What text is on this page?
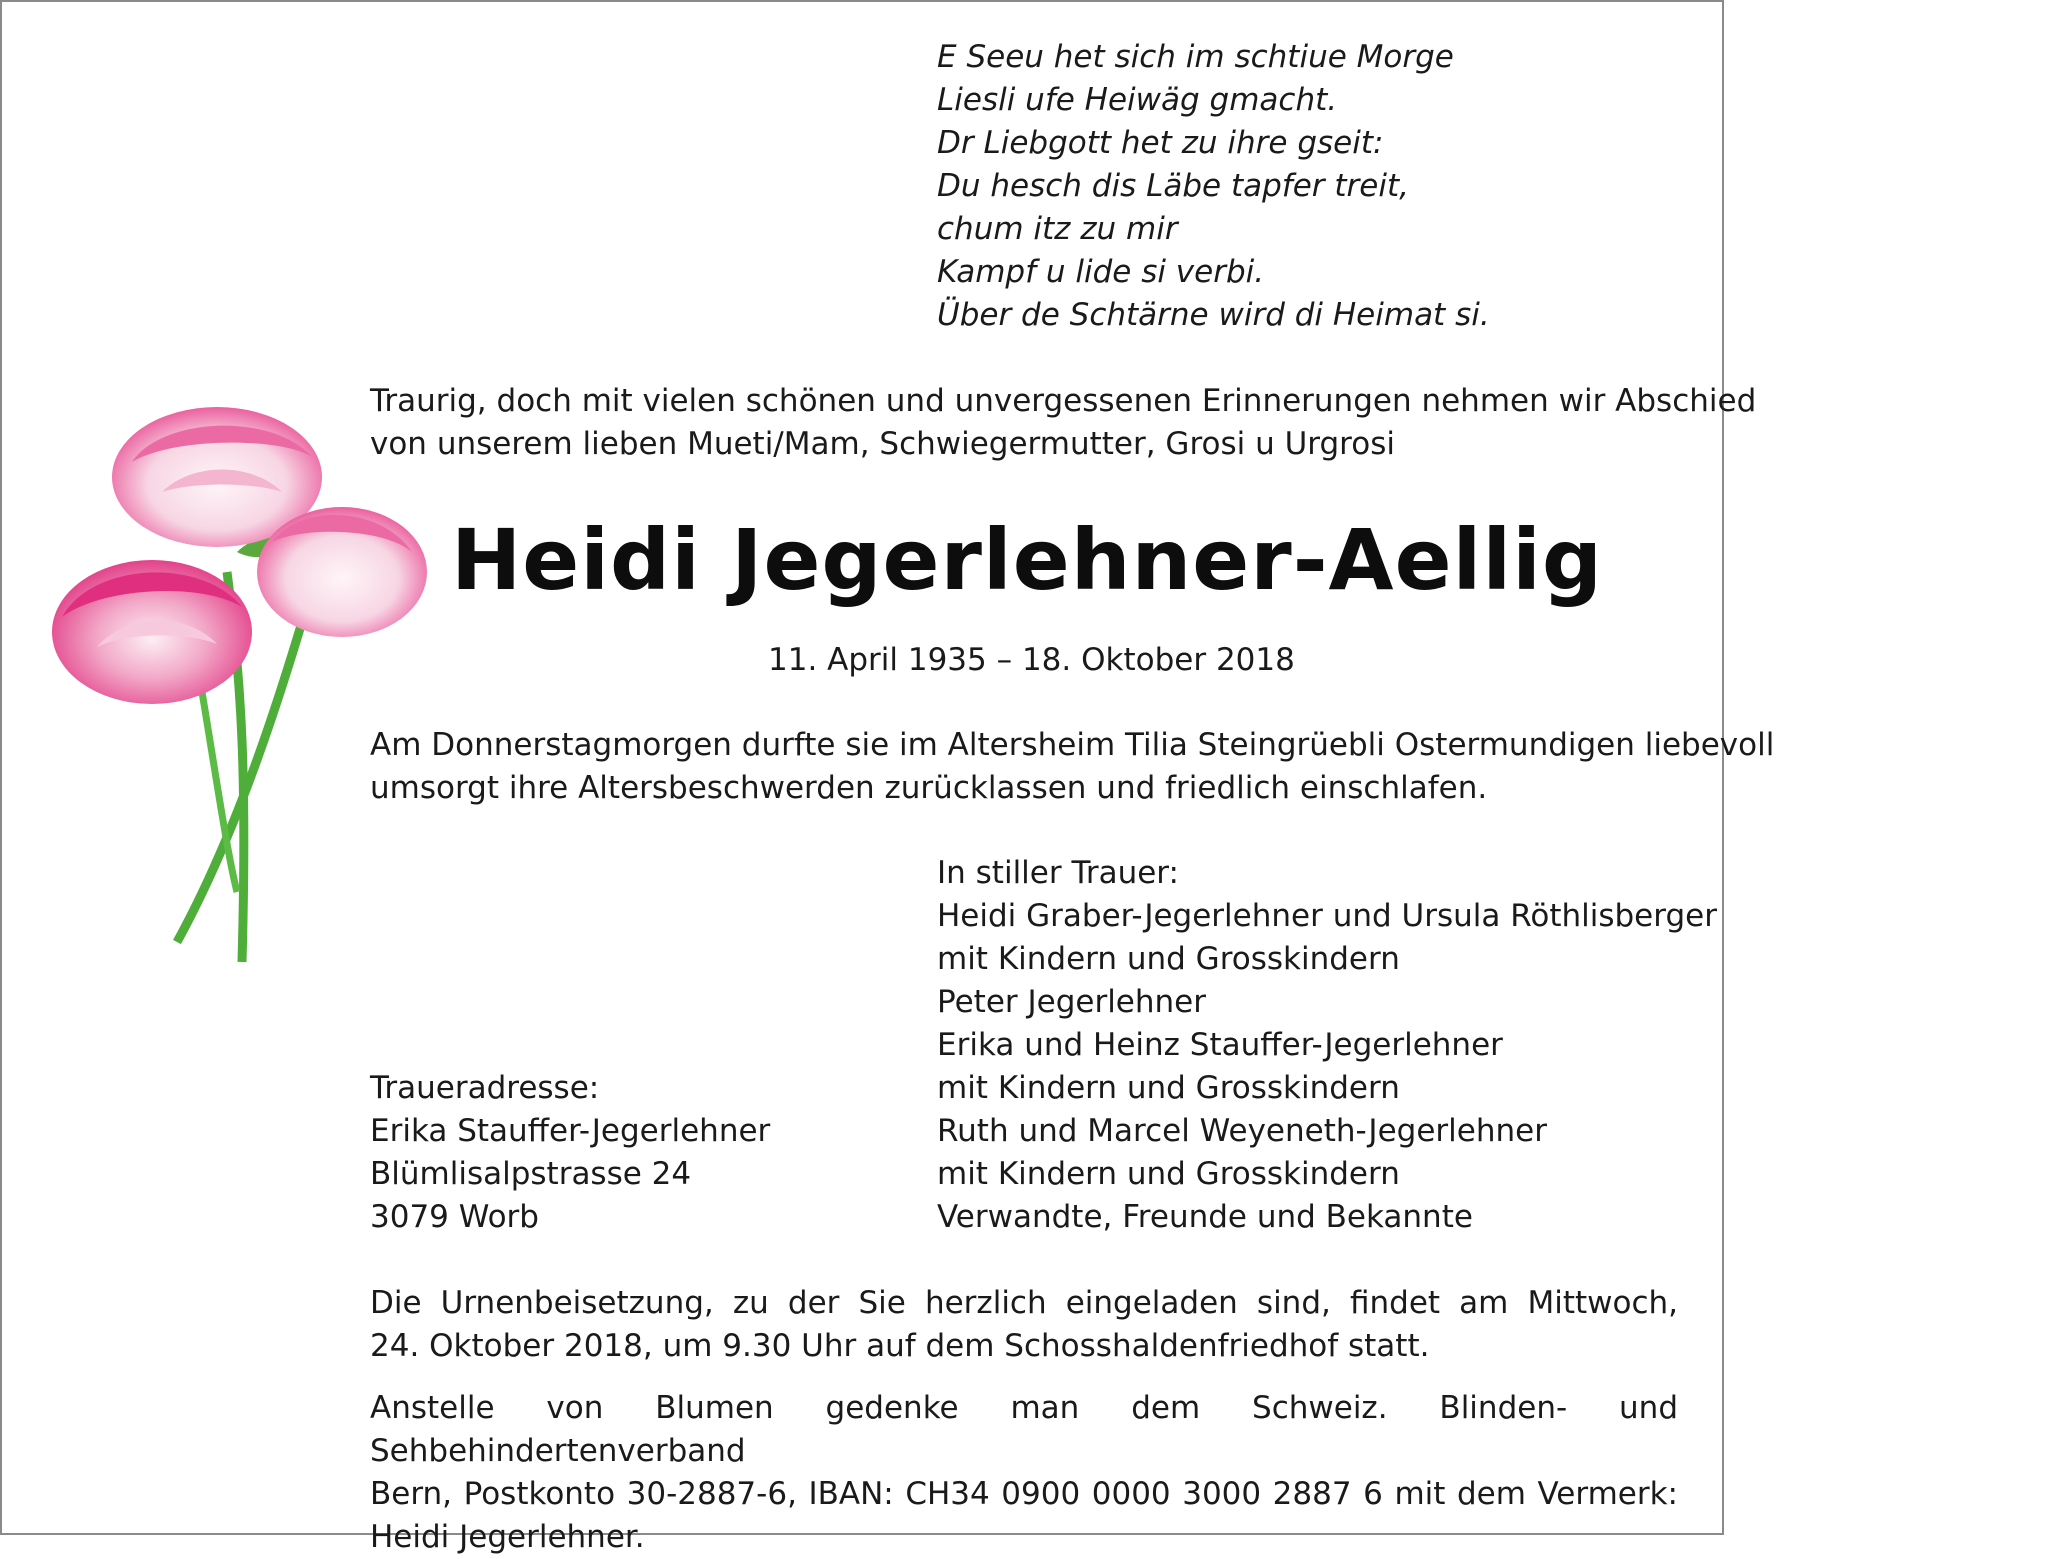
E Seeu het sich im schtiue Morge
Liesli ufe Heiwäg gmacht.
Dr Liebgott het zu ihre gseit:
Du hesch dis Läbe tapfer treit,
chum itz zu mir
Kampf u lide si verbi.
Über de Schtärne wird di Heimat si.
Traurig, doch mit vielen schönen und unvergessenen Erinnerungen nehmen wir Abschied
von unserem lieben Mueti/Mam, Schwiegermutter, Grosi u Urgrosi
Heidi Jegerlehner-Aellig
11. April 1935 – 18. Oktober 2018
Am Donnerstagmorgen durfte sie im Altersheim Tilia Steingrüebli Ostermundigen liebevoll
umsorgt ihre Altersbeschwerden zurücklassen und friedlich einschlafen.
In stiller Trauer:
Heidi Graber-Jegerlehner und Ursula Röthlisberger
mit Kindern und Grosskindern
Peter Jegerlehner
Erika und Heinz Stauffer-Jegerlehner
mit Kindern und Grosskindern
Ruth und Marcel Weyeneth-Jegerlehner
mit Kindern und Grosskindern
Verwandte, Freunde und Bekannte
Traueradresse:
Erika Stauffer-Jegerlehner
Blümlisalpstrasse 24
3079 Worb
Die Urnenbeisetzung, zu der Sie herzlich eingeladen sind, findet am Mittwoch,
24. Oktober 2018, um 9.30 Uhr auf dem Schosshaldenfriedhof statt.
Anstelle von Blumen gedenke man dem Schweiz. Blinden- und Sehbehindertenverband
Bern, Postkonto 30-2887-6, IBAN: CH34 0900 0000 3000 2887 6 mit dem Vermerk:
Heidi Jegerlehner.
